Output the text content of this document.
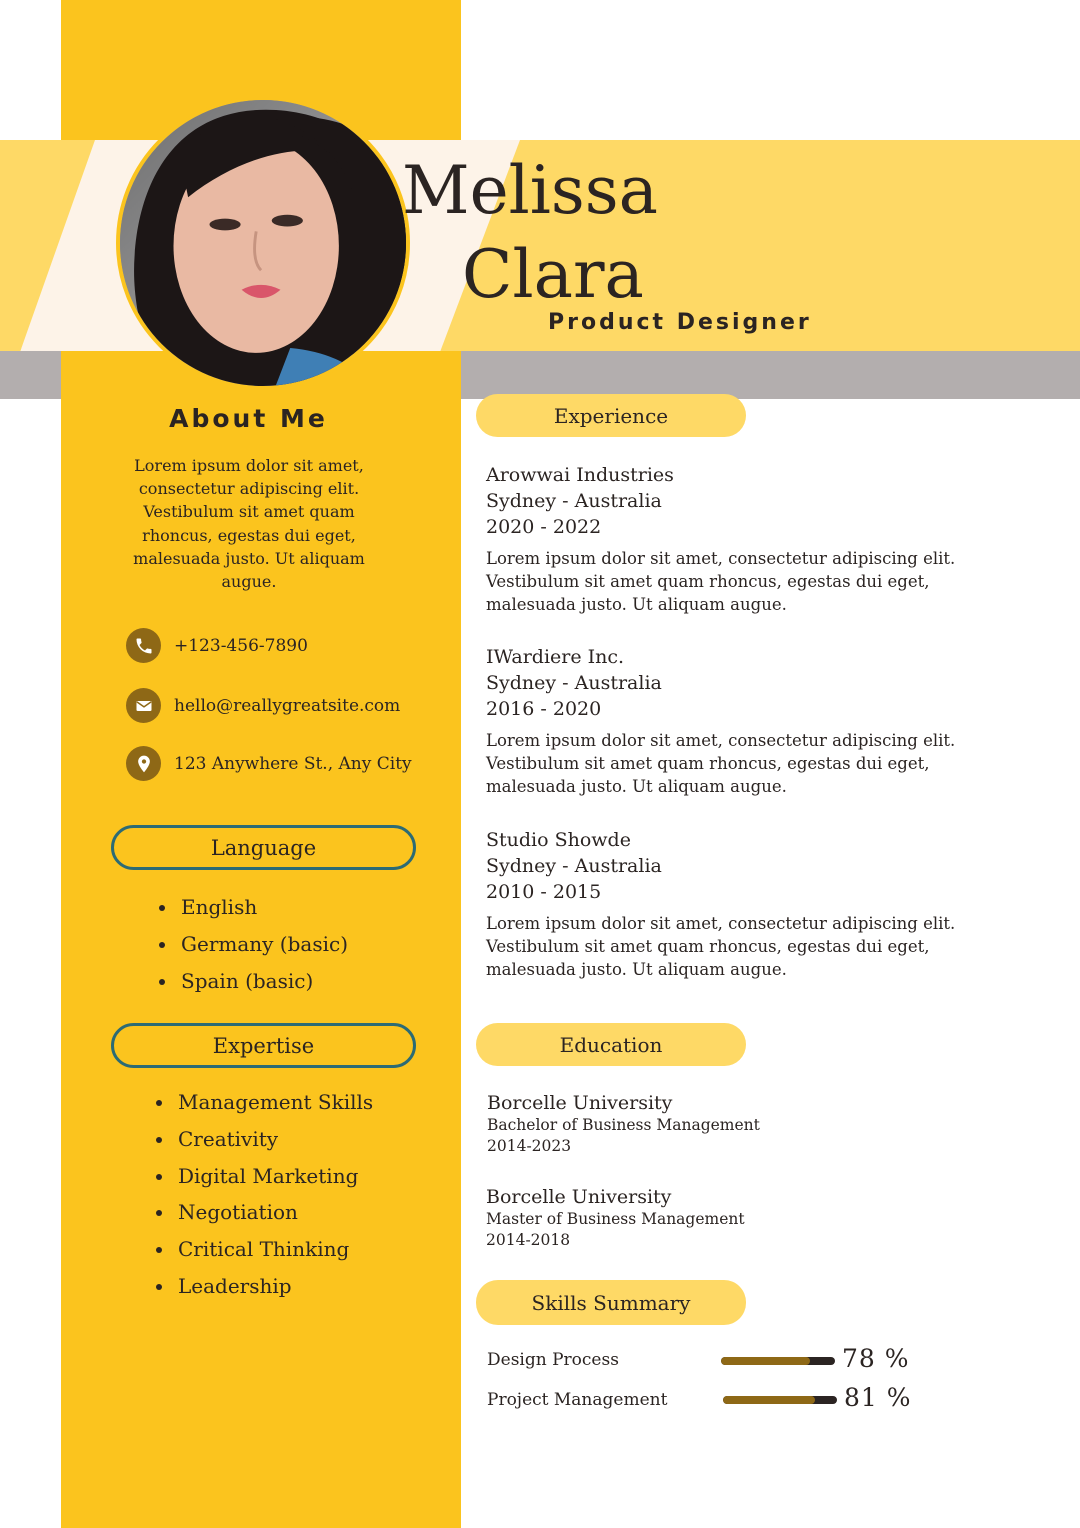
Melissa
Clara
Product Designer
About Me
Lorem ipsum dolor sit amet, consectetur adipiscing elit. Vestibulum sit amet quam rhoncus, egestas dui eget, malesuada justo. Ut aliquam augue.
+123-456-7890
hello@reallygreatsite.com
123 Anywhere St., Any City
Language
English
Germany (basic)
Spain (basic)
Expertise
Management Skills
Creativity
Digital Marketing
Negotiation
Critical Thinking
Leadership
Experience
Arowwai Industries
Sydney - Australia
2020 - 2022
Lorem ipsum dolor sit amet, consectetur adipiscing elit. Vestibulum sit amet quam rhoncus, egestas dui eget, malesuada justo. Ut aliquam augue.
IWardiere Inc.
Sydney - Australia
2016 - 2020
Lorem ipsum dolor sit amet, consectetur adipiscing elit. Vestibulum sit amet quam rhoncus, egestas dui eget, malesuada justo. Ut aliquam augue.
Studio Showde
Sydney - Australia
2010 - 2015
Lorem ipsum dolor sit amet, consectetur adipiscing elit. Vestibulum sit amet quam rhoncus, egestas dui eget, malesuada justo. Ut aliquam augue.
Education
Borcelle University
Bachelor of Business Management
2014-2023
Borcelle University
Master of Business Management
2014-2018
Skills Summary
Design Process	78 %
Project Management	81 %
